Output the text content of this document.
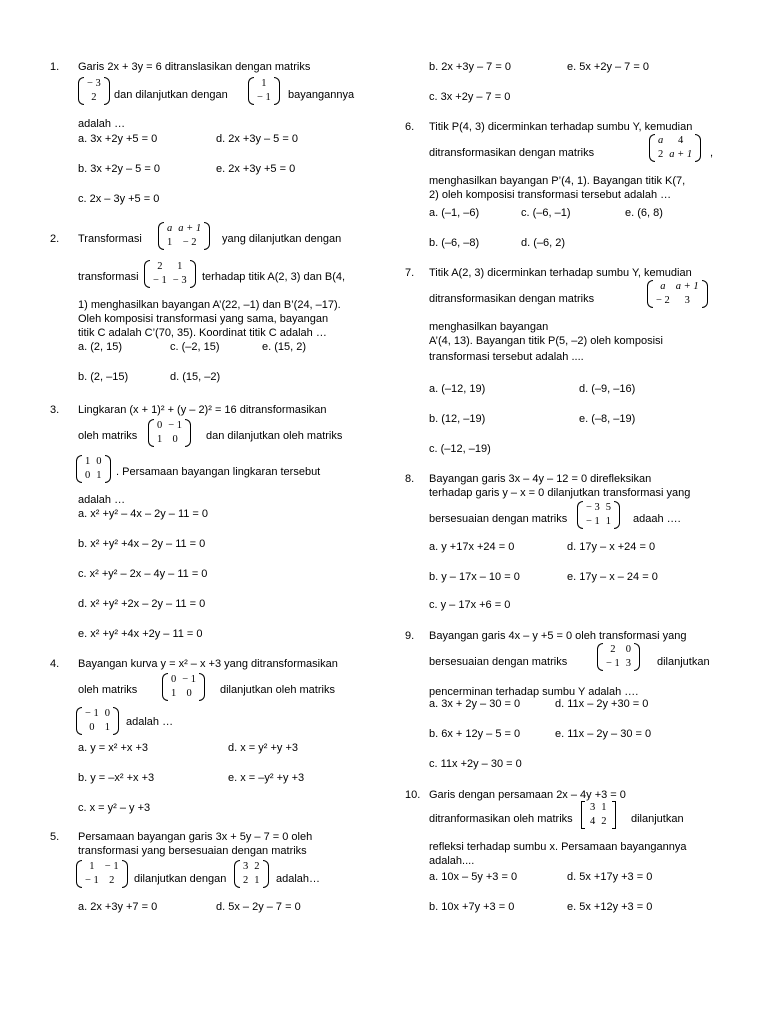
1.	Garis 2x + 3y = 6 ditranslasikan dengan matriks
− 3
2 dan dilanjutkan dengan
1
− 1 bayangannya
adalah …
a. 3x +2y +5 = 0	d. 2x +3y – 5 = 0
b. 3x +2y – 5 = 0	e. 2x +3y +5 = 0
c. 2x – 3y +5 = 0
2.	Transformasi
a	a + 1
1	− 2 yang dilanjutkan dengan
transformasi
2	1
− 1	− 3 terhadap titik A(2, 3) dan B(4,
1) menghasilkan bayangan A’(22, –1) dan B’(24, –17).
Oleh komposisi transformasi yang sama, bayangan
titik C adalah C’(70, 35). Koordinat titik C adalah …
a. (2, 15)	c. (–2, 15)	e. (15, 2)
b. (2, –15)	d. (15, –2)
3.	Lingkaran (x + 1)² + (y – 2)² = 16 ditransformasikan
oleh matriks
0	− 1
1	0	dan dilanjutkan oleh matriks
1	0
0	1 . Persamaan bayangan lingkaran tersebut
adalah …
a. x² +y² – 4x – 2y – 11 = 0
b. x² +y² +4x – 2y – 11 = 0
c. x² +y² – 2x – 4y – 11 = 0
d. x² +y² +2x – 2y – 11 = 0
e. x² +y² +4x +2y – 11 = 0
4.	Bayangan kurva y = x² – x +3 yang ditransformasikan
oleh matriks
0	− 1
1	0	dilanjutkan oleh matriks
− 1	0
0	1 adalah …
a. y = x² +x +3	d. x = y² +y +3
b. y = –x² +x +3	e. x = –y² +y +3
c. x = y² – y +3
5.	Persamaan bayangan garis 3x + 5y – 7 = 0 oleh
transformasi yang bersesuaian dengan matriks
1	− 1
− 1	2 dilanjutkan dengan
3	2
2	1 adalah…
a. 2x +3y +7 = 0	d. 5x – 2y – 7 = 0
b. 2x +3y – 7 = 0	e. 5x +2y – 7 = 0
c. 3x +2y – 7 = 0
6.	Titik P(4, 3) dicerminkan terhadap sumbu Y, kemudian
ditransformasikan dengan matriks
a	4
2	a + 1 ,
menghasilkan bayangan P’(4, 1). Bayangan titik K(7,
2) oleh komposisi transformasi tersebut adalah …
a. (–1, –6)	c. (–6, –1)	e. (6, 8)
b. (–6, –8)	d. (–6, 2)
7.	Titik A(2, 3) dicerminkan terhadap sumbu Y, kemudian
ditransformasikan dengan matriks
a	a + 1
− 2	3
menghasilkan bayangan
A’(4, 13). Bayangan titik P(5, –2) oleh komposisi
transformasi tersebut adalah ....
a. (–12, 19)	d. (–9, –16)
b. (12, –19)	e. (–8, –19)
c. (–12, –19)
8.	Bayangan garis 3x – 4y – 12 = 0 direfleksikan
terhadap garis y – x = 0 dilanjutkan transformasi yang
bersesuaian dengan matriks
− 3	5
− 1	1 adaah ….
a. y +17x +24 = 0	d. 17y – x +24 = 0
b. y – 17x – 10 = 0	e. 17y – x – 24 = 0
c. y – 17x +6 = 0
9.	Bayangan garis 4x – y +5 = 0 oleh transformasi yang
bersesuaian dengan matriks
2	0
− 1	3 dilanjutkan
pencerminan terhadap sumbu Y adalah ….
a. 3x + 2y – 30 = 0	d. 11x – 2y +30 = 0
b. 6x + 12y – 5 = 0	e. 11x – 2y – 30 = 0
c. 11x +2y – 30 = 0
10. Garis dengan persamaan 2x – 4y +3 = 0
ditranformasikan oleh matriks
3	1
4	2 dilanjutkan
refleksi terhadap sumbu x. Persamaan bayangannya
adalah....
a. 10x – 5y +3 = 0	d. 5x +17y +3 = 0
b. 10x +7y +3 = 0	e. 5x +12y +3 = 0
